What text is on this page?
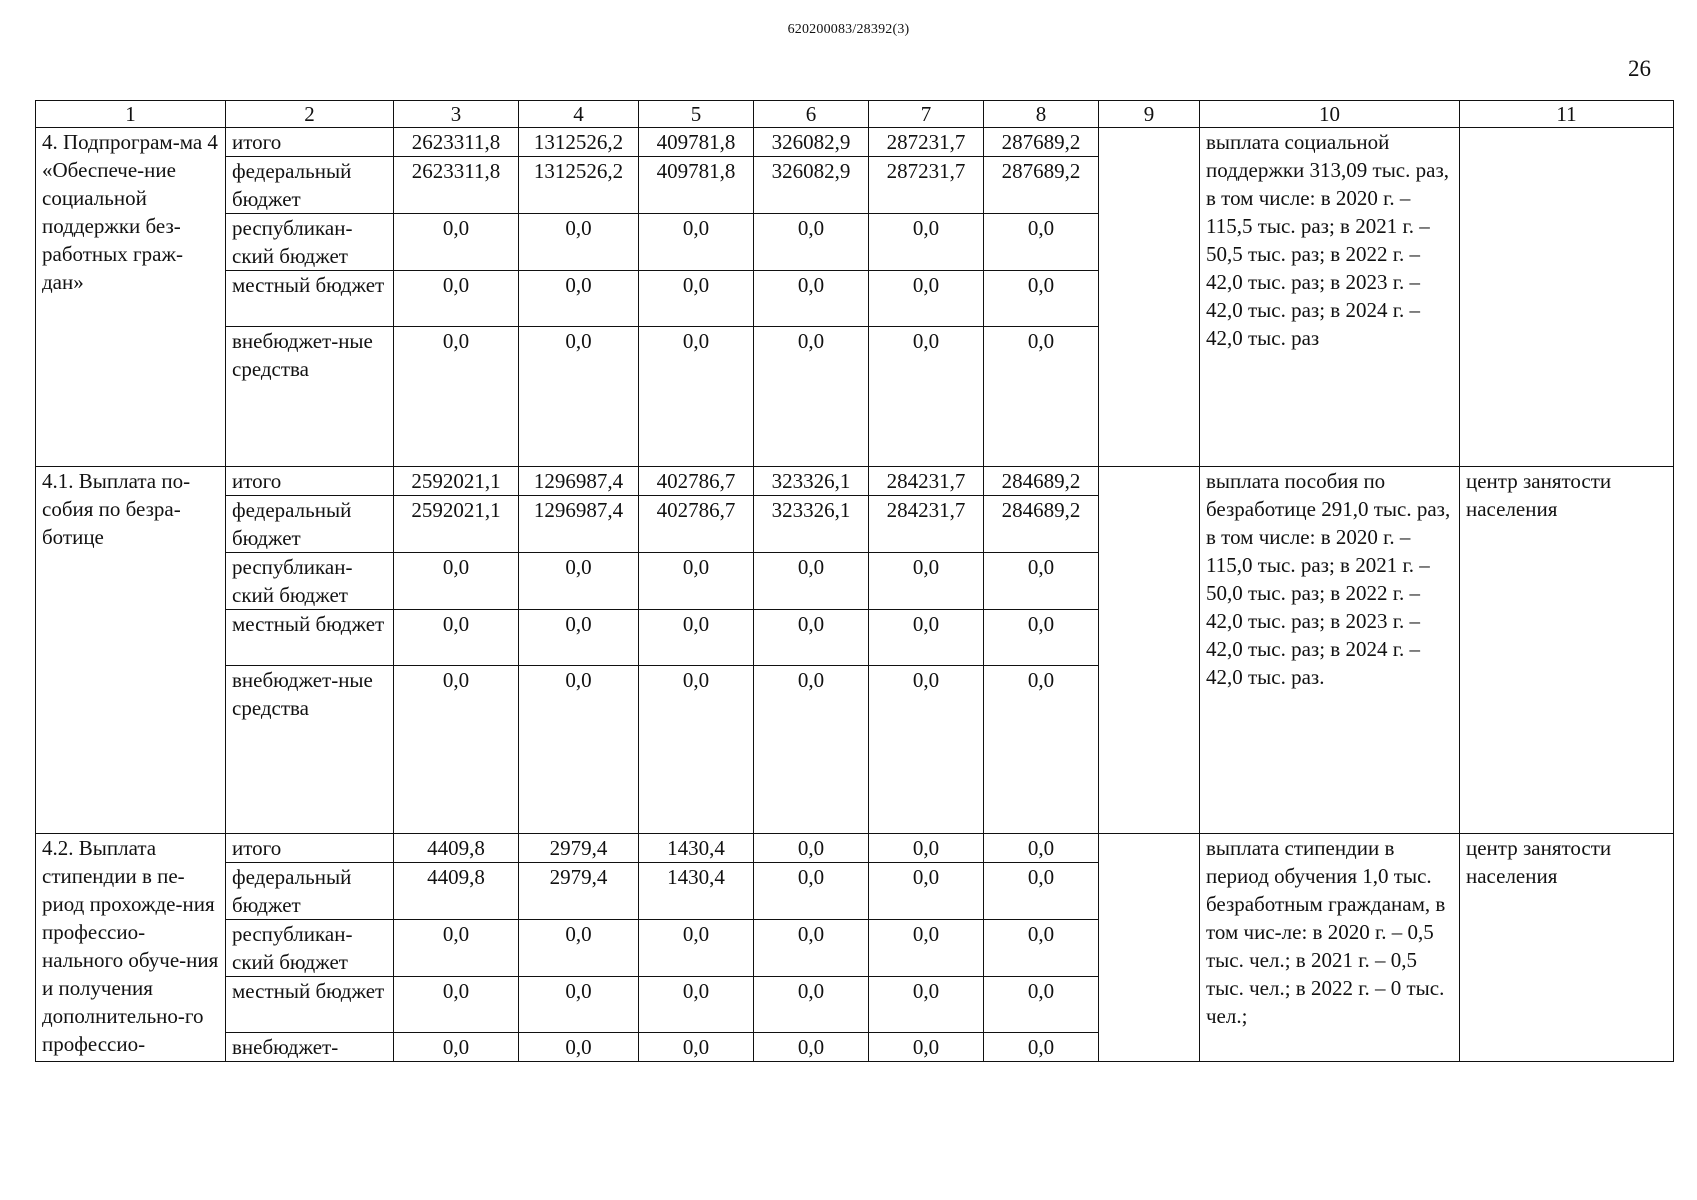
620200083/28392(3)
26
1	2	3	4	5	6	7	8	9	10	11
4. Подпрограм-ма 4 «Обеспече-ние социальной поддержки без-работных граж-дан»	итого	2623311,8	1312526,2	409781,8	326082,9	287231,7	287689,2		выплата социальной поддержки 313,09 тыс. раз, в том числе: в 2020 г. – 115,5 тыс. раз; в 2021 г. – 50,5 тыс. раз; в 2022 г. – 42,0 тыс. раз; в 2023 г. – 42,0 тыс. раз; в 2024 г. – 42,0 тыс. раз	
	федеральный бюджет	2623311,8	1312526,2	409781,8	326082,9	287231,7	287689,2			
	республикан-ский бюджет	0,0	0,0	0,0	0,0	0,0	0,0			
	местный бюджет	0,0	0,0	0,0	0,0	0,0	0,0			
	внебюджет-ные средства	0,0	0,0	0,0	0,0	0,0	0,0			
4.1. Выплата по-собия по безра-ботице	итого	2592021,1	1296987,4	402786,7	323326,1	284231,7	284689,2		выплата пособия по безработице 291,0 тыс. раз, в том числе: в 2020 г. – 115,0 тыс. раз; в 2021 г. – 50,0 тыс. раз; в 2022 г. – 42,0 тыс. раз; в 2023 г. – 42,0 тыс. раз; в 2024 г. – 42,0 тыс. раз.	центр занятости населения
	федеральный бюджет	2592021,1	1296987,4	402786,7	323326,1	284231,7	284689,2			
	республикан-ский бюджет	0,0	0,0	0,0	0,0	0,0	0,0			
	местный бюджет	0,0	0,0	0,0	0,0	0,0	0,0			
	внебюджет-ные средства	0,0	0,0	0,0	0,0	0,0	0,0			
4.2. Выплата стипендии в пе-риод прохожде-ния профессио-нального обуче-ния и получения дополнительно-го профессио-	итого	4409,8	2979,4	1430,4	0,0	0,0	0,0		выплата стипендии в период обучения 1,0 тыс. безработным гражданам, в том чис-ле: в 2020 г. – 0,5 тыс. чел.; в 2021 г. – 0,5 тыс. чел.; в 2022 г. – 0 тыс. чел.;	центр занятости населения
	федеральный бюджет	4409,8	2979,4	1430,4	0,0	0,0	0,0			
	республикан-ский бюджет	0,0	0,0	0,0	0,0	0,0	0,0			
	местный бюджет	0,0	0,0	0,0	0,0	0,0	0,0			
	внебюджет-	0,0	0,0	0,0	0,0	0,0	0,0			
